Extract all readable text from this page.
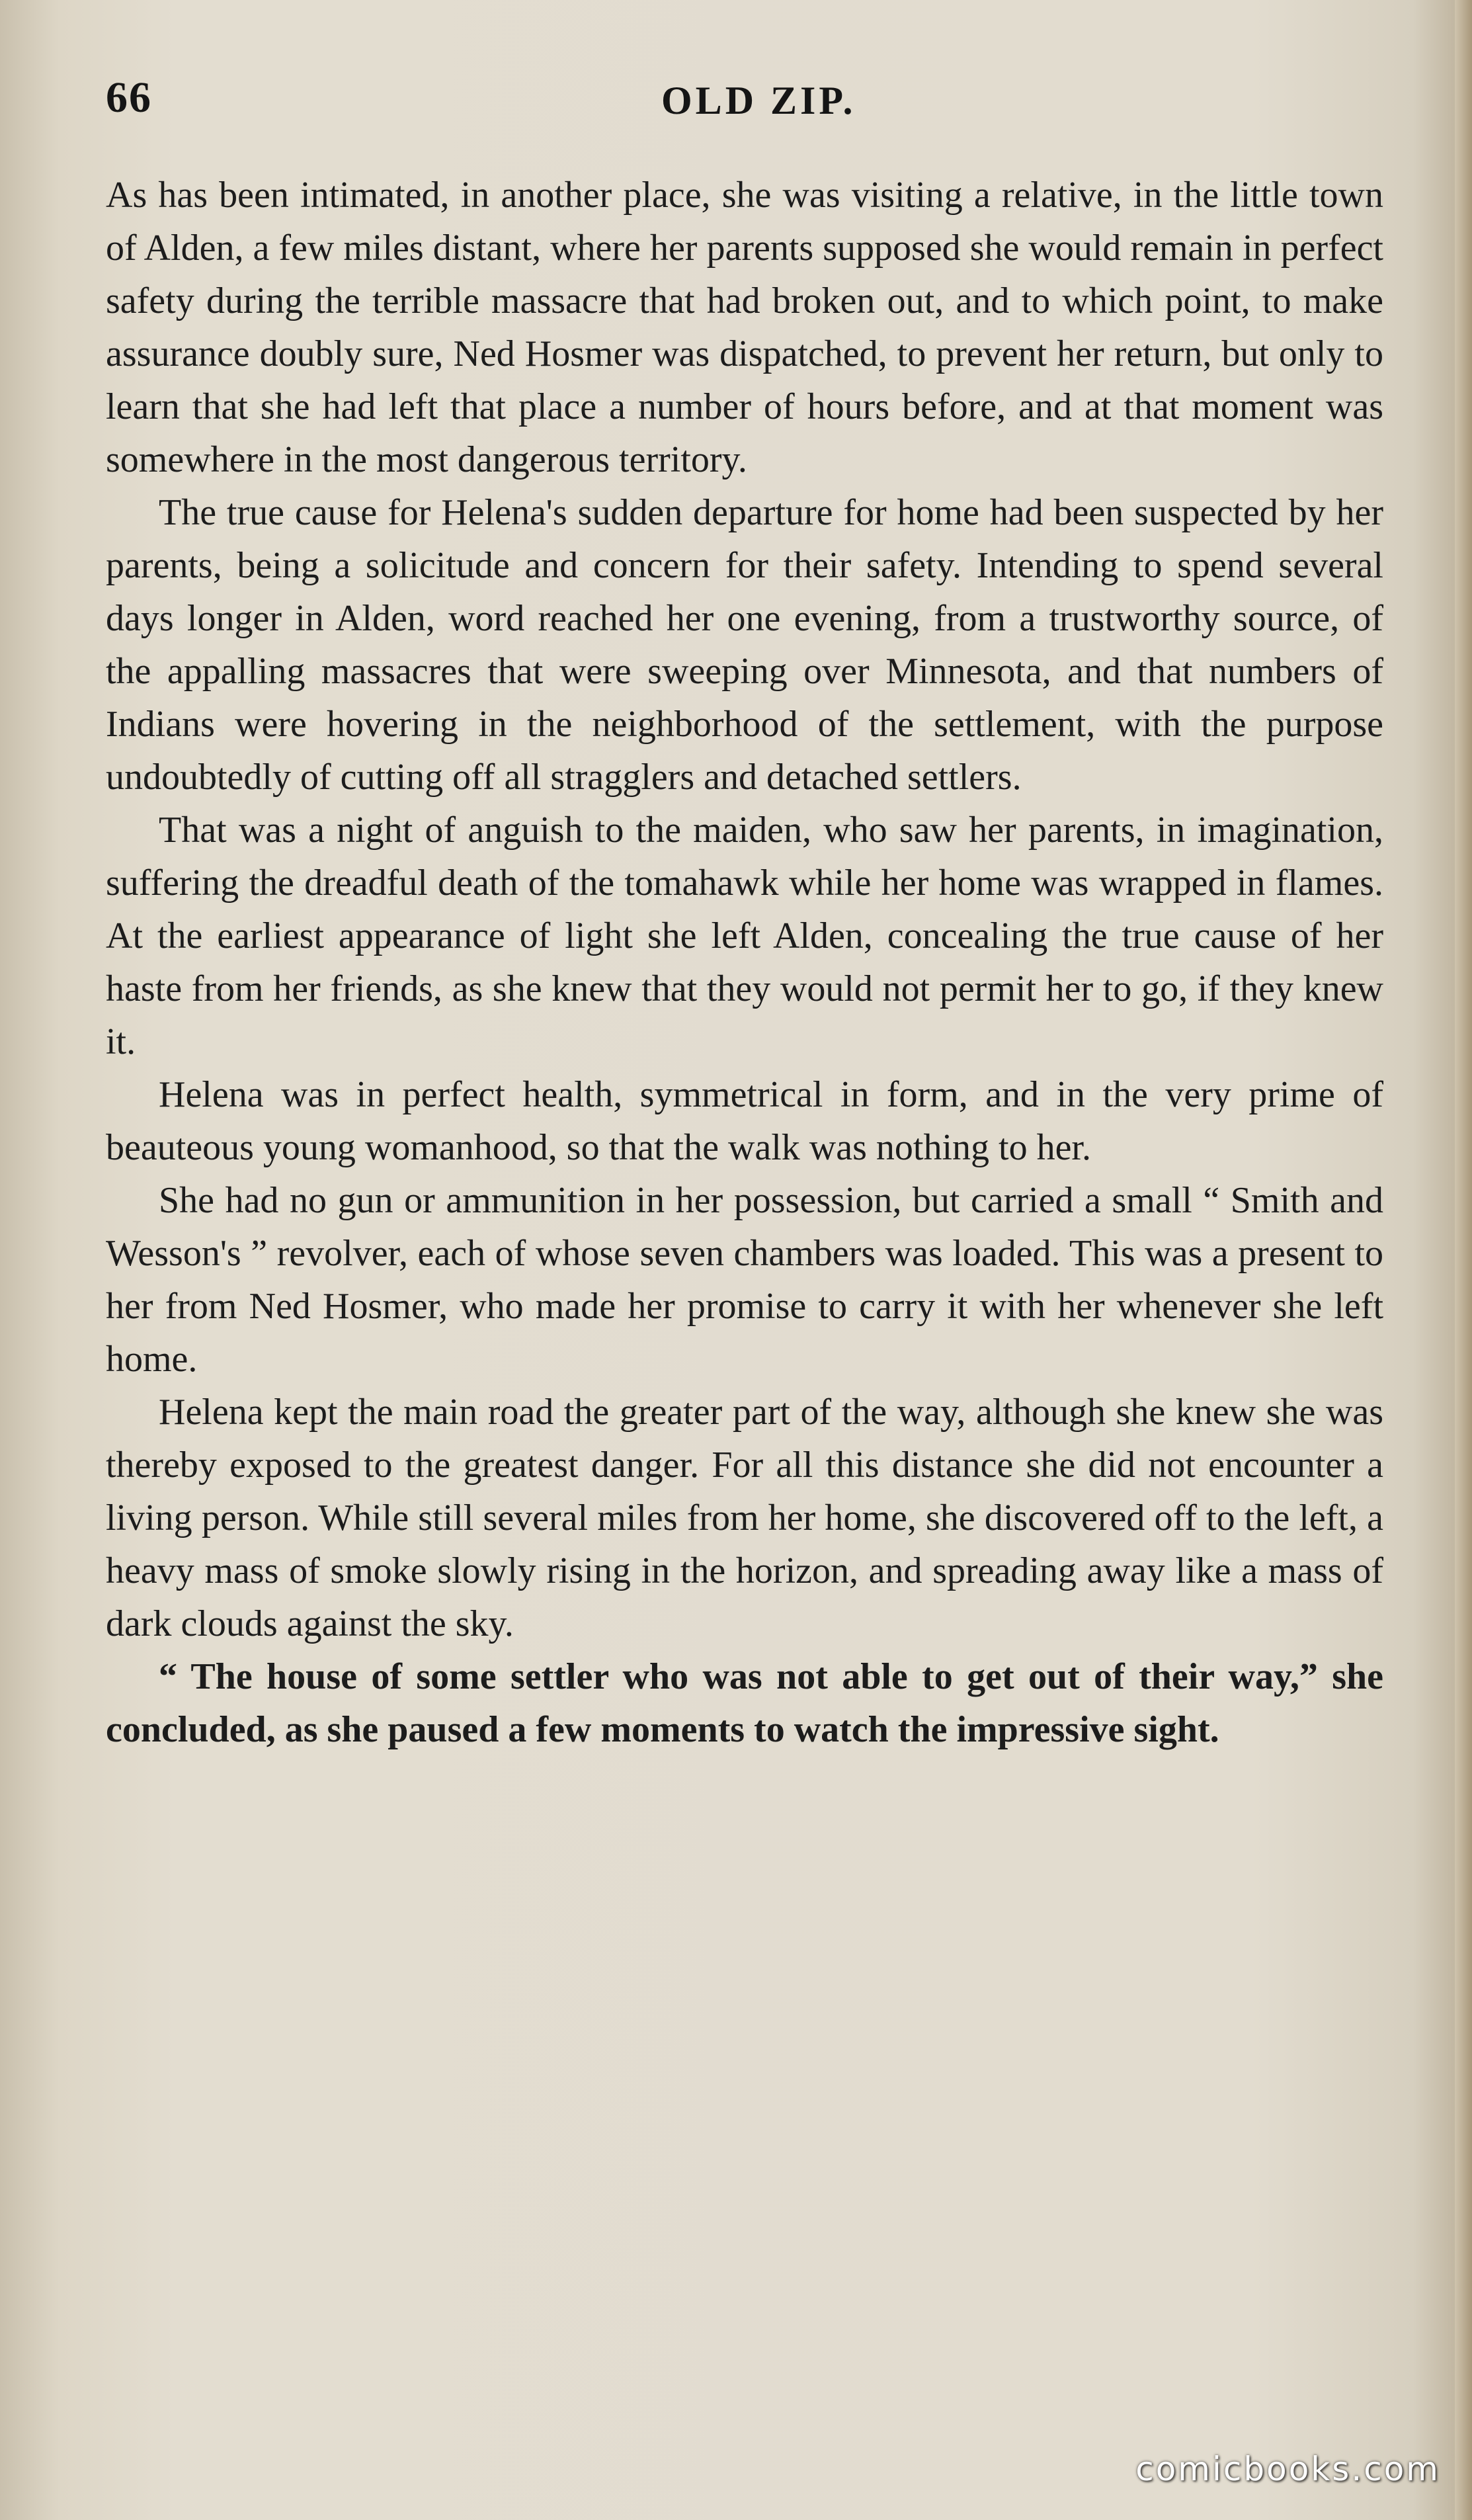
66	OLD ZIP.

As has been intimated, in another place, she was visiting a relative, in the little town of Alden, a few miles distant, where her parents supposed she would remain in perfect safety during the terrible massacre that had broken out, and to which point, to make assurance doubly sure, Ned Hosmer was dispatched, to prevent her return, but only to learn that she had left that place a number of hours before, and at that moment was somewhere in the most dangerous territory.

The true cause for Helena's sudden departure for home had been suspected by her parents, being a solicitude and concern for their safety. Intending to spend several days longer in Alden, word reached her one evening, from a trustworthy source, of the appalling massacres that were sweeping over Minnesota, and that numbers of Indians were hovering in the neighborhood of the settlement, with the purpose undoubtedly of cutting off all stragglers and detached settlers.

That was a night of anguish to the maiden, who saw her parents, in imagination, suffering the dreadful death of the tomahawk while her home was wrapped in flames. At the earliest appearance of light she left Alden, concealing the true cause of her haste from her friends, as she knew that they would not permit her to go, if they knew it.

Helena was in perfect health, symmetrical in form, and in the very prime of beauteous young womanhood, so that the walk was nothing to her.

She had no gun or ammunition in her possession, but carried a small “ Smith and Wesson's ” revolver, each of whose seven chambers was loaded. This was a present to her from Ned Hosmer, who made her promise to carry it with her whenever she left home.

Helena kept the main road the greater part of the way, although she knew she was thereby exposed to the greatest danger. For all this distance she did not encounter a living person. While still several miles from her home, she discovered off to the left, a heavy mass of smoke slowly rising in the horizon, and spreading away like a mass of dark clouds against the sky.

“ The house of some settler who was not able to get out of their way,” she concluded, as she paused a few moments to watch the impressive sight.

comicbooks.com
